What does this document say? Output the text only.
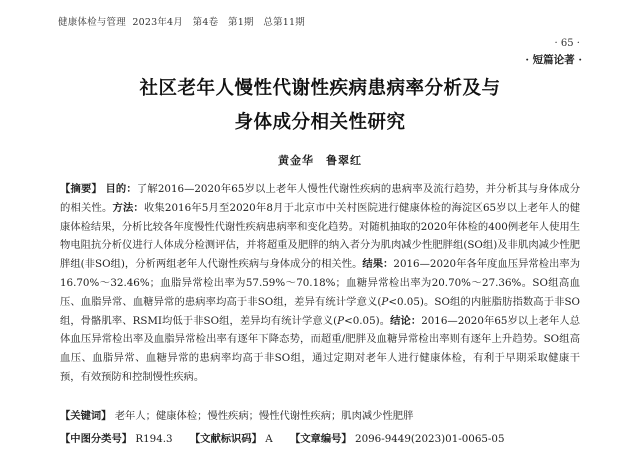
健康体检与管理 2023年4月　第4卷　第1期　总第11期
· 65 ·
· 短篇论著 ·
社区老年人慢性代谢性疾病患病率分析及与
身体成分相关性研究
黄金华　鲁翠红
【摘要】 目的：了解2016—2020年65岁以上老年人慢性代谢性疾病的患病率及流行趋势，并分析其与身体成分的相关性。方法：收集2016年5月至2020年8月于北京市中关村医院进行健康体检的海淀区65岁以上老年人的健康体检结果，分析比较各年度慢性代谢性疾病患病率和变化趋势。对随机抽取的2020年体检的400例老年人使用生物电阻抗分析仪进行人体成分检测评估，并将超重及肥胖的纳入者分为肌肉减少性肥胖组(SO组)及非肌肉减少性肥胖组(非SO组)，分析两组老年人代谢性疾病与身体成分的相关性。结果：2016—2020年各年度血压异常检出率为16.70%～32.46%；血脂异常检出率为57.59%～70.18%；血糖异常检出率为20.70%～27.36%。SO组高血压、血脂异常、血糖异常的患病率均高于非SO组，差异有统计学意义(P<0.05)。SO组的内脏脂肪指数高于非SO组，骨骼肌率、RSMI均低于非SO组，差异均有统计学意义(P<0.05)。结论：2016—2020年65岁以上老年人总体血压异常检出率及血脂异常检出率有逐年下降态势，而超重/肥胖及血糖异常检出率则有逐年上升趋势。SO组高血压、血脂异常、血糖异常的患病率均高于非SO组，通过定期对老年人进行健康体检，有利于早期采取健康干预，有效预防和控制慢性疾病。
【关键词】 老年人；健康体检；慢性疾病；慢性代谢性疾病；肌肉减少性肥胖
【中图分类号】 R194.3 【文献标识码】 A 【文章编号】 2096-9449(2023)01-0065-05
